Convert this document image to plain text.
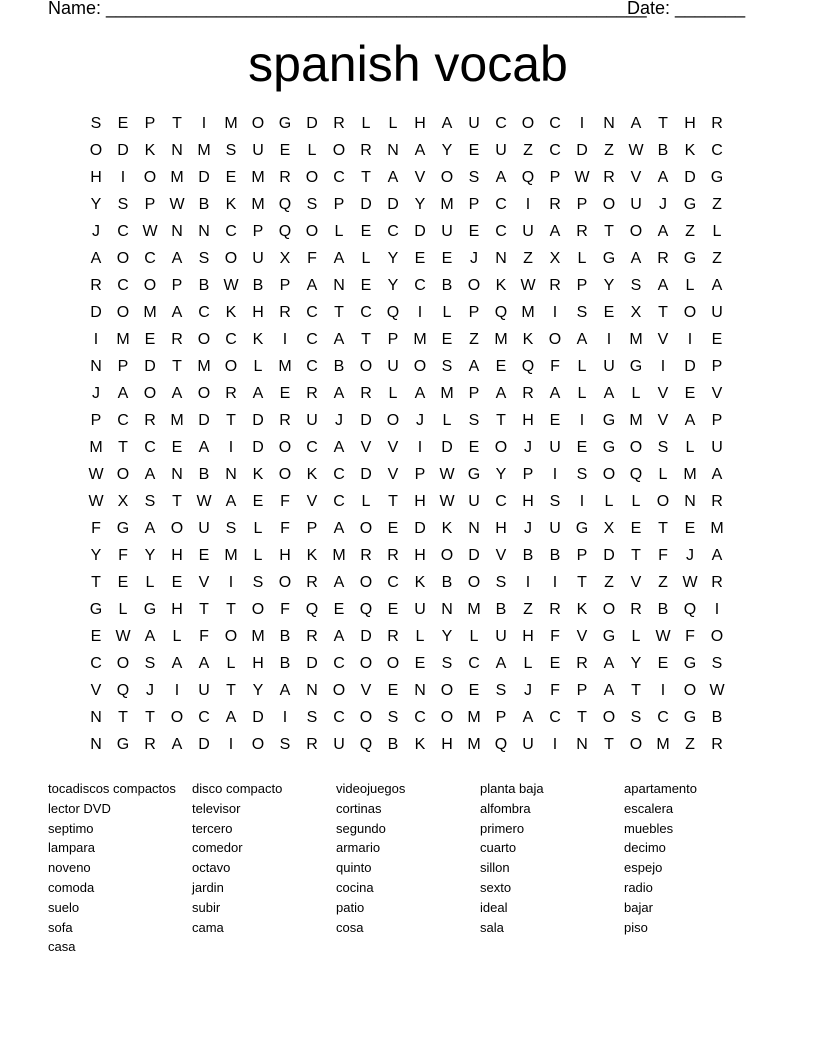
Name: ______________________________________________________
Date: _______
spanish vocab
S E P	T	I	M O G D R	L	L	H A U C O C	I	N A	T	H R
O D K N M S U E	L	O R N A Y E U	Z	C D	Z W B K C
H	I	O M D E M R O C	T	A V O S A Q P W R V A D G
Y S P W B K M Q S P D D Y M P C	I	R P O U	J	G Z
J	C W N N C P Q O	L	E C D U E C U A R	T O A	Z	L
A O C A S O U X	F	A	L	Y E E	J	N	Z	X	L	G A R G Z
R C O P B W B P A N E Y C B O K W R P Y S A	L	A
D O M A C K H R C	T	C Q	I	L	P Q M	I	S E X	T O U
I	M E R O C K	I	C A	T	P M E	Z M K O A	I	M V	I	E
N P D	T M O	L M C B O U O S A E Q F	L	U G	I	D P
J	A O A O R A E R A R	L	A M P A R A	L	A	L	V E V
P C R M D	T	D R U	J	D O	J	L	S	T	H E	I	G M V A P
M T	C E A	I	D O C A V V	I	D E O	J	U E G O S	L	U
W O A N B N K O K C D V P W G Y P	I	S O Q	L M A
W X S	T W A E	F	V C	L	T	H W U C H S	I	L	L	O N R
F G A O U S	L	F	P A O E D K N H	J	U G X E	T	E M
Y	F	Y H E M L	H K M R R H O D V B B P D	T	F	J	A
T	E	L	E V	I	S O R A O C K B O S	I	I	T	Z	V	Z W R
G	L	G H	T	T O F Q E Q E U N M B	Z	R K O R B Q	I
E W A	L	F O M B R A D R	L	Y	L	U H	F	V G	L W F O
C O S A A	L	H B D C O O E S C A	L	E R A Y E G S
V Q	J	I	U	T	Y A N O V E N O E S	J	F	P A	T	I	O W
N	T	T O C A D	I	S C O S C O M P A C	T O S C G B
N G R A D	I	O S R U Q B K H M Q U	I	N	T O M Z	R
tocadiscos compactos	disco compacto	videojuegos	planta baja	apartamento
lector DVD	televisor	cortinas	alfombra	escalera
septimo	tercero	segundo	primero	muebles
lampara	comedor	armario	cuarto	decimo
noveno	octavo	quinto	sillon	espejo
comoda	jardin	cocina	sexto	radio
suelo	subir	patio	ideal	bajar
sofa	cama	cosa	sala	piso
casa
